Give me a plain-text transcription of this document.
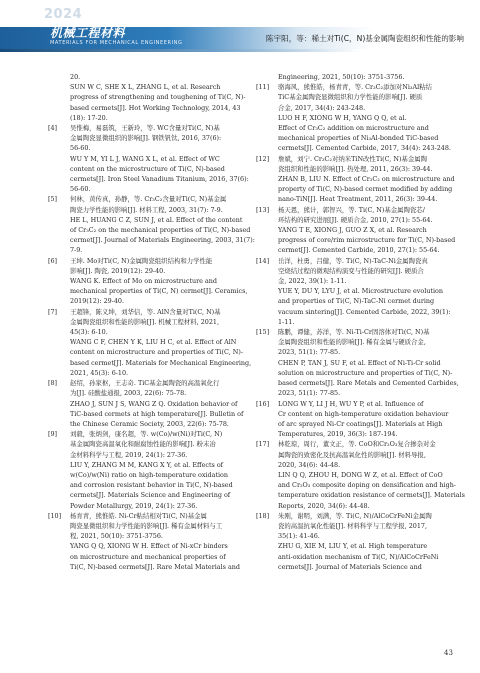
2024
机械工程材料
MATERIALS FOR MECHANICAL ENGINEERING	陈宇阳，等：稀土对Ti(C，N)基金属陶瓷组织和性能的影响
20.
SUN W C, SHE X L, ZHANG L, et al. Research
progress of strengthening and toughening of Ti(C, N)-
based cermets[J]. Hot Working Technology, 2014, 43
(18): 17-20.
[4]	吴惟梅，易磊筑，王新玲，等. WC含量对Ti(C, N)基
金属陶瓷显微组织的影响[J]. 钢铁钒钛, 2016, 37(6):
56-60.
WU Y M, YI L J, WANG X L, et al. Effect of WC
content on the microstructure of Ti(C, N)-based
cermets[J]. Iron Steel Vanadium Titanium, 2016, 37(6):
56-60.
[5]	何林，黄传真，孙静，等. Cr₃C₂含量对Ti(C, N)基金属
陶瓷力学性能的影响[J]. 材料工程, 2003, 31(7): 7-9.
HE L, HUANG C Z, SUN J, et al. Effect of the content
of Cr₃C₂ on the mechanical properties of Ti(C, N)-based
cermet[J]. Journal of Materials Engineering, 2003, 31(7):
7-9.
[6]	王坤. Mo对Ti(C, N)金属陶瓷组织结构和力学性能
影响[J]. 陶瓷, 2019(12): 29-40.
WANG K. Effect of Mo on microstructure and
mechanical properties of Ti(C, N) cermet[J]. Ceramics,
2019(12): 29-40.
[7]	王超锋，陈义坤，刘华信，等. AlN含量对Ti(C, N)基
金属陶瓷组织和性能的影响[J]. 机械工程材料, 2021,
45(3): 6-10.
WANG C F, CHEN Y K, LIU H C, et al. Effect of AlN
content on microstructure and properties of Ti(C, N)-
based cermet[J]. Materials for Mechanical Engineering,
2021, 45(3): 6-10.
[8]	赵绍，孙家枢，王志奇. TiC基金属陶瓷的高温氧化行
为[J]. 硅酸盐通报, 2003, 22(6): 75-78.
ZHAO J, SUN J S, WANG Z Q. Oxidation behavior of
TiC-based cermets at high temperature[J]. Bulletin of
the Chinese Ceramic Society, 2003, 22(6): 75-78.
[9]	刘毅，张炳剑，康名超，等. w(Co)/w(Ni)对Ti(C, N)
基金属陶瓷高温氧化和耐腐蚀性能的影响[J]. 粉末冶
金材料科学与工程, 2019, 24(1): 27-36.
LIU Y, ZHANG M M, KANG X Y, et al. Effects of
w(Co)/w(Ni) ratio on high-temperature oxidation
and corrosion resistant behavior in Ti(C, N)-based
cermets[J]. Materials Science and Engineering of
Powder Metallurgy, 2019, 24(1): 27-36.
[10]	杨育青，熊惟皓. Ni-Cr粘结相对Ti(C, N)基金属
陶瓷显微组织和力学性能的影响[J]. 稀有金属材料与工
程, 2021, 50(10): 3751-3756.
YANG Q Q, XIONG W H. Effect of Ni-xCr binders
on microstructure and mechanical properties of
Ti(C, N)-based cermets[J]. Rare Metal Materials and
Engineering, 2021, 50(10): 3751-3756.
[11]	骆海风，熊惟皓，杨青青，等. Cr₃C₂添加对Ni₃Al粘结
TiC基金属陶瓷显微组织和力学性能的影响[J]. 硬质
合金, 2017, 34(4): 243-248.
LUO H F, XIONG W H, YANG Q Q, et al.
Effect of Cr₃C₂ addition on microstructure and
mechanical properties of Ni₃Al-bonded TiC-based
cermets[J]. Cemented Carbide, 2017, 34(4): 243-248.
[12]	詹斌，刘宁. Cr₃C₂对纳米TiN改性Ti(C, N)基金属陶
瓷组织和性能的影响[J]. 热处理, 2011, 26(3): 39-44.
ZHAN B, LIU N. Effect of Cr₃C₂ on microstructure and
property of Ti(C, N)-based cermet modified by adding
nano-TiN[J]. Heat Treatment, 2011, 26(3): 39-44.
[13]	杨天恩，熊计，郭智兴，等. Ti(C, N)基金属陶瓷芯/
环结构的研究进展[J]. 硬质合金, 2010, 27(1): 55-64.
YANG T E, XIONG J, GUO Z X, et al. Research
progress of core/rim microstructure for Ti(C, N)-based
cermet[J]. Cemented Carbide, 2010, 27(1): 55-64.
[14]	岳洋，杜勇，吕健，等. Ti(C, N)-TaC-Ni金属陶瓷真
空烧结过程的微观结构演变与性能的研究[J]. 硬质合
金, 2022, 39(1): 1-11.
YUE Y, DU Y, LYU J, et al. Microstructure evolution
and properties of Ti(C, N)-TaC-Ni cermet during
vacuum sintering[J]. Cemented Carbide, 2022, 39(1):
1-11.
[15]	陈鹏，谭健，苏洋，等. Ni-Ti-Cr固溶体对Ti(C, N)基
金属陶瓷组织和性能的影响[J]. 稀有金属与硬质合金,
2023, 51(1): 77-85.
CHEN P, TAN J, SU F, et al. Effect of Ni-Ti-Cr solid
solution on microstructure and properties of Ti(C, N)-
based cermets[J]. Rare Metals and Cemented Carbides,
2023, 51(1): 77-85.
[16]	LONG W Y, LI J H, WU Y P, et al. Influence of
Cr content on high-temperature oxidation behaviour
of arc sprayed Ni-Cr coatings[J]. Materials at High
Temperatures, 2019, 36(3): 187-194.
[17]	林乾琼，周行，董文正，等. CoO和Cr₂O₃复合掺杂对金
属陶瓷的致密化及抗高温氧化性的影响[J]. 材料导报,
2020, 34(6): 44-48.
LIN Q Q, ZHOU H, DONG W Z, et al. Effect of CoO
and Cr₂O₃ composite doping on densification and high-
temperature oxidation resistance of cermets[J]. Materials
Reports, 2020, 34(6): 44-48.
[18]	朱刚，谢明，刘满，等. Ti(C, N)/AlCoCrFeNi金属陶
瓷的高温抗氧化性能[J]. 材料科学与工程学报, 2017,
35(1): 41-46.
ZHU G, XIE M, LIU Y, et al. High temperature
anti-oxidation mechanism of Ti(C, N)/AlCoCrFeNi
cermets[J]. Journal of Materials Science and
43
